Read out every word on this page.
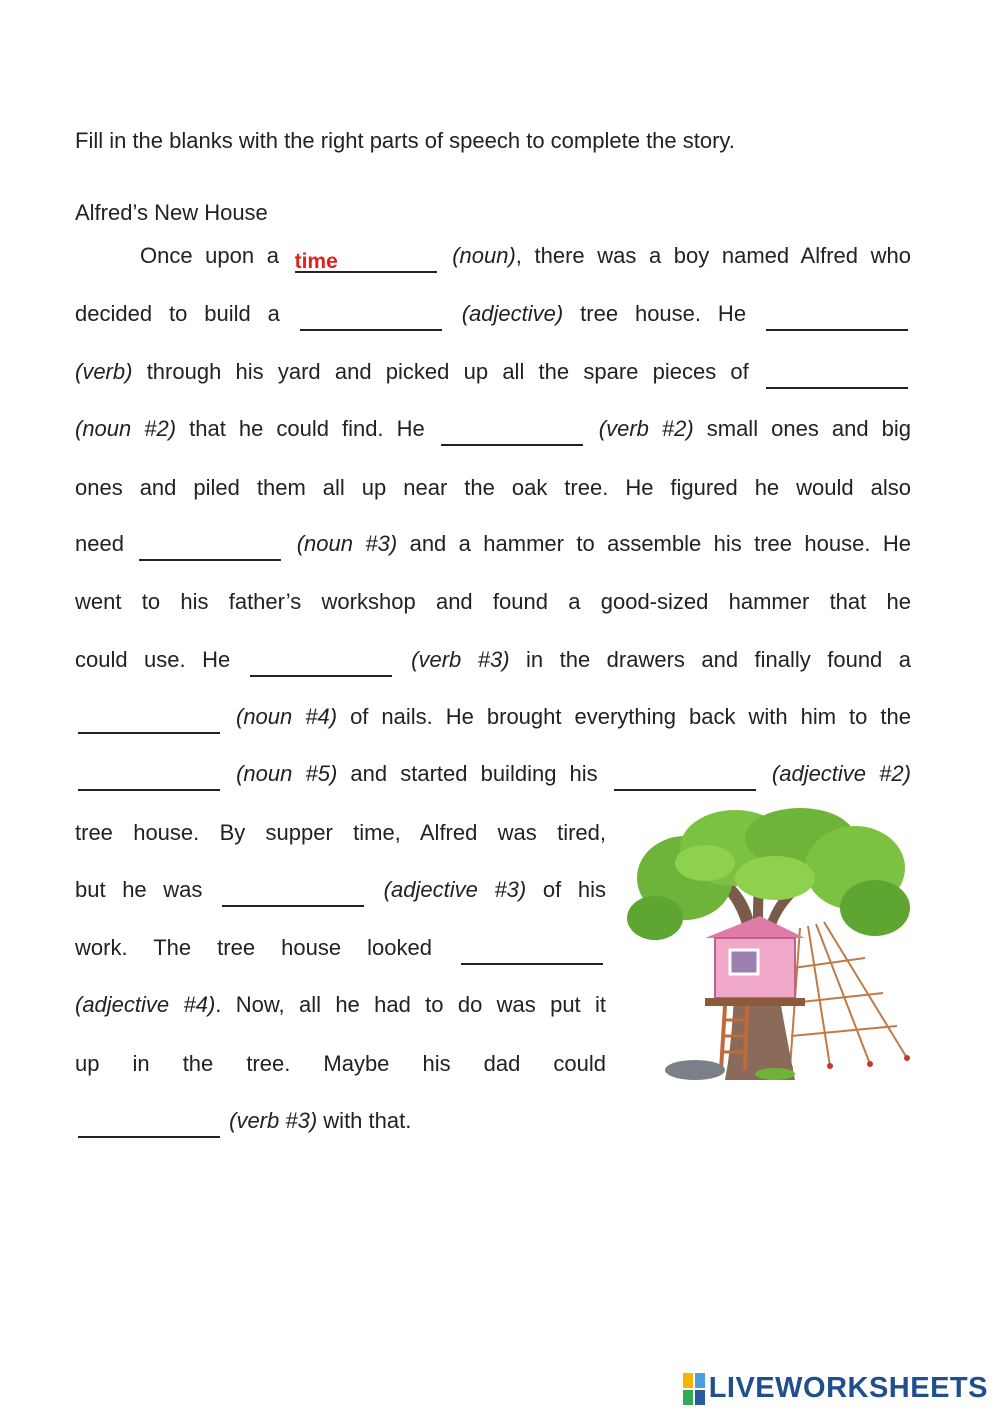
Fill in the blanks with the right parts of speech to complete the story.
Alfred’s New House
Once upon a time	(noun), there was a boy named Alfred who
decided to build a	(adjective) tree house. He
(verb) through his yard and picked up all the spare pieces of
(noun #2) that he could find. He	(verb #2) small ones and big
ones and piled them all up near the oak tree. He figured he would also
need	(noun #3) and a hammer to assemble his tree house. He
went to his father’s workshop and found a good-sized hammer that he
could use. He	(verb #3) in the drawers and finally found a
(noun #4) of nails. He brought everything back with him to the
(noun #5) and started building his	(adjective #2)
tree house. By supper time, Alfred was tired,
but he was	(adjective #3) of his
work. The tree house looked
(adjective #4). Now, all he had to do was put it
up in the tree. Maybe his dad could
(verb #3) with that.
LIVEWORKSHEETS
